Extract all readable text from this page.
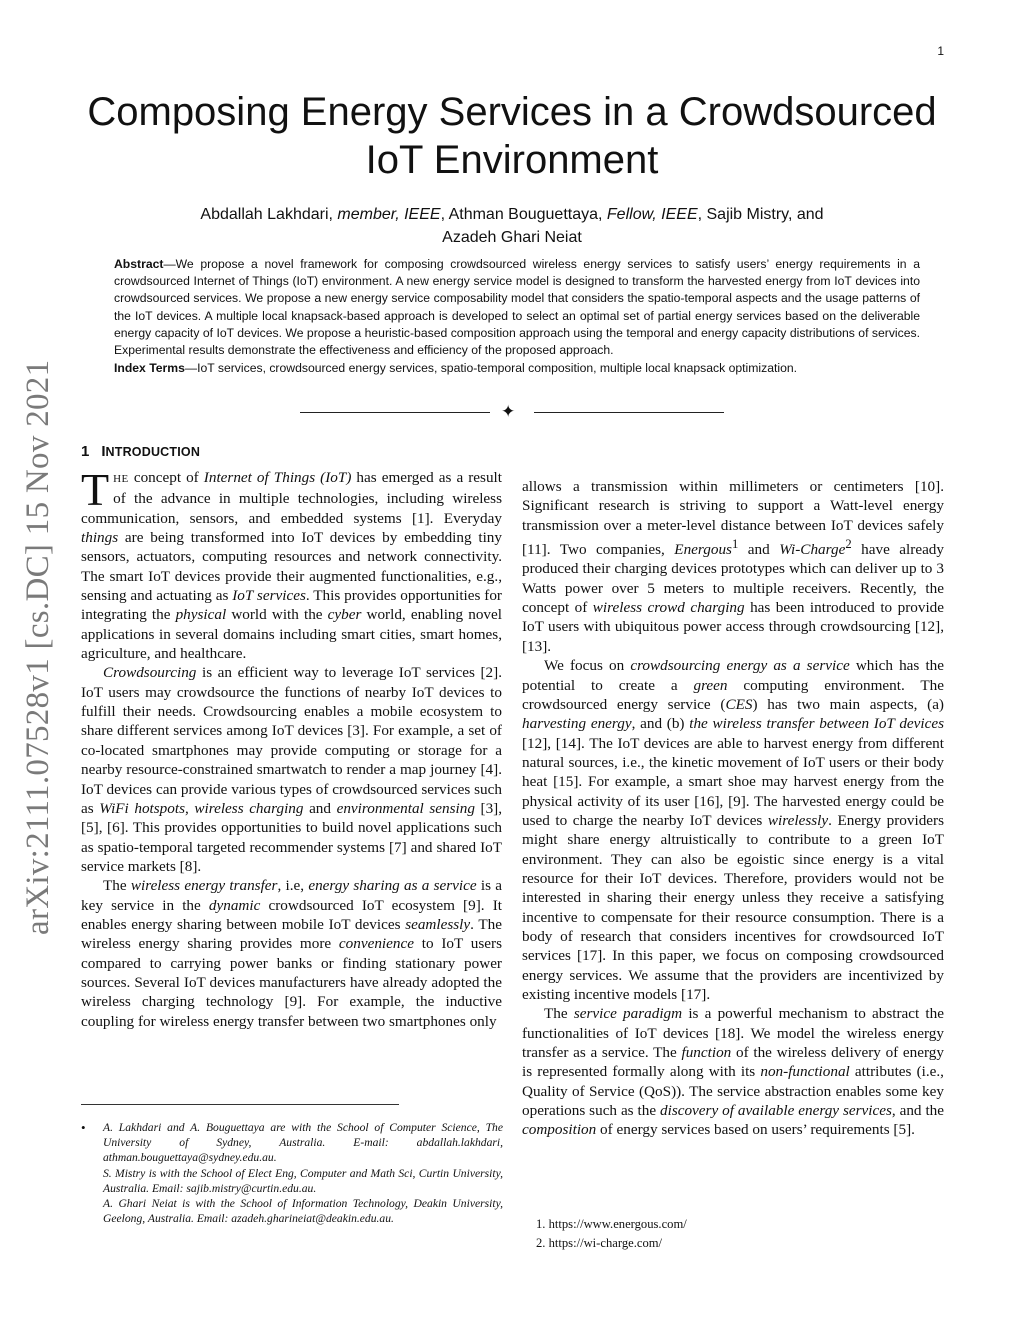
1
arXiv:2111.07528v1 [cs.DC] 15 Nov 2021
Composing Energy Services in a Crowdsourced
IoT Environment
Abdallah Lakhdari, member, IEEE, Athman Bouguettaya, Fellow, IEEE, Sajib Mistry, and
Azadeh Ghari Neiat

Abstract—We propose a novel framework for composing crowdsourced wireless energy services to satisfy users’ energy requirements in a crowdsourced Internet of Things (IoT) environment. A new energy service model is designed to transform the harvested energy from IoT devices into crowdsourced services. We propose a new energy service composability model that considers the spatio-temporal aspects and the usage patterns of the IoT devices. A multiple local knapsack-based approach is developed to select an optimal set of partial energy services based on the deliverable energy capacity of IoT devices. We propose a heuristic-based composition approach using the temporal and energy capacity distributions of services. Experimental results demonstrate the effectiveness and efficiency of the proposed approach.

Index Terms—IoT services, crowdsourced energy services, spatio-temporal composition, multiple local knapsack optimization.

✦
1 INTRODUCTION

THE concept of Internet of Things (IoT) has emerged as a result of the advance in multiple technologies, including wireless communication, sensors, and embedded systems [1]. Everyday things are being transformed into IoT devices by embedding tiny sensors, actuators, computing resources and network connectivity. The smart IoT devices provide their augmented functionalities, e.g., sensing and actuating as IoT services. This provides opportunities for integrating the physical world with the cyber world, enabling novel applications in several domains including smart cities, smart homes, agriculture, and healthcare.

Crowdsourcing is an efficient way to leverage IoT services [2]. IoT users may crowdsource the functions of nearby IoT devices to fulfill their needs. Crowdsourcing enables a mobile ecosystem to share different services among IoT devices [3]. For example, a set of co-located smartphones may provide computing or storage for a nearby resource-constrained smartwatch to render a map journey [4]. IoT devices can provide various types of crowdsourced services such as WiFi hotspots, wireless charging and environmental sensing [3], [5], [6]. This provides opportunities to build novel applications such as spatio-temporal targeted recommender systems [7] and shared IoT service markets [8].

The wireless energy transfer, i.e, energy sharing as a service is a key service in the dynamic crowdsourced IoT ecosystem [9]. It enables energy sharing between mobile IoT devices seamlessly. The wireless energy sharing provides more convenience to IoT users compared to carrying power banks or finding stationary power sources. Several IoT devices manufacturers have already adopted the wireless charging technology [9]. For example, the inductive coupling for wireless energy transfer between two smartphones only

allows a transmission within millimeters or centimeters [10]. Significant research is striving to support a Watt-level energy transmission over a meter-level distance between IoT devices safely [11]. Two companies, Energous$^1$ and Wi-Charge$^2$ have already produced their charging devices prototypes which can deliver up to 3 Watts power over 5 meters to multiple receivers. Recently, the concept of wireless crowd charging has been introduced to provide IoT users with ubiquitous power access through crowdsourcing [12], [13].

We focus on crowdsourcing energy as a service which has the potential to create a green computing environment. The crowdsourced energy service (CES) has two main aspects, (a) harvesting energy, and (b) the wireless transfer between IoT devices [12], [14]. The IoT devices are able to harvest energy from different natural sources, i.e., the kinetic movement of IoT users or their body heat [15]. For example, a smart shoe may harvest energy from the physical activity of its user [16], [9]. The harvested energy could be used to charge the nearby IoT devices wirelessly. Energy providers might share energy altruistically to contribute to a green IoT environment. They can also be egoistic since energy is a vital resource for their IoT devices. Therefore, providers would not be interested in sharing their energy unless they receive a satisfying incentive to compensate for their resource consumption. There is a body of research that considers incentives for crowdsourced IoT services [17]. In this paper, we focus on composing crowdsourced energy services. We assume that the providers are incentivized by existing incentive models [17].

The service paradigm is a powerful mechanism to abstract the functionalities of IoT devices [18]. We model the wireless energy transfer as a service. The function of the wireless delivery of energy is represented formally along with its non-functional attributes (i.e., Quality of Service (QoS)). The service abstraction enables some key operations such as the discovery of available energy services, and the composition of energy services based on users’ requirements [5].

• A. Lakhdari and A. Bouguettaya are with the School of Computer Science, The University of Sydney, Australia. E-mail: abdallah.lakhdari, athman.bouguettaya@sydney.edu.au.
S. Mistry is with the School of Elect Eng, Computer and Math Sci, Curtin University, Australia. Email: sajib.mistry@curtin.edu.au.
A. Ghari Neiat is with the School of Information Technology, Deakin University, Geelong, Australia. Email: azadeh.gharineiat@deakin.edu.au.	1. https://www.energous.com/
2. https://wi-charge.com/
